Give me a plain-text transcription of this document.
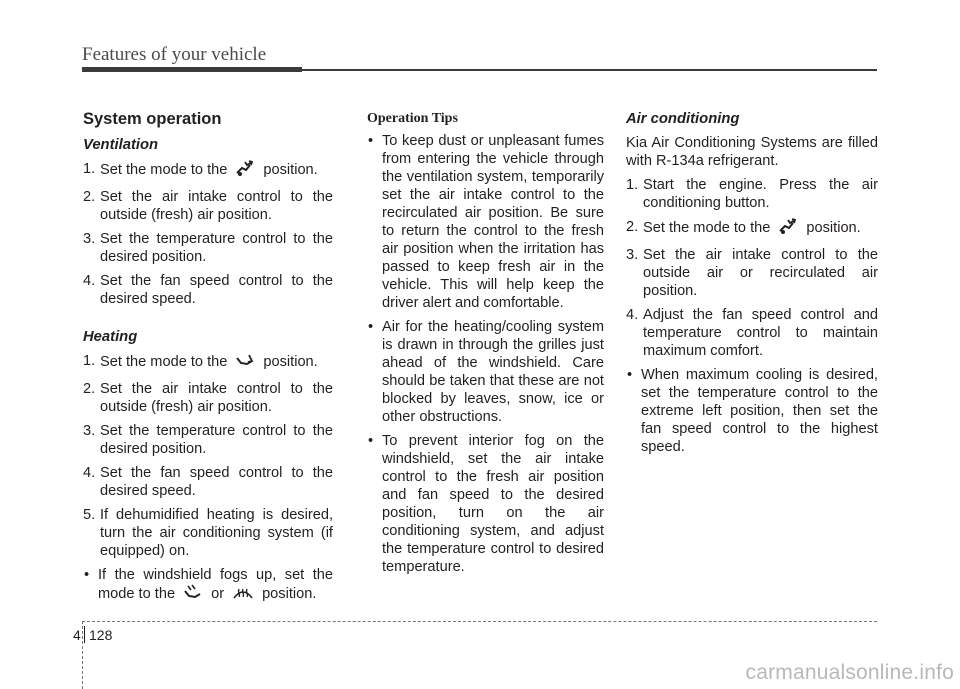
Features of your vehicle
System operation
Ventilation
1. Set the mode to the position.
2. Set the air intake control to the outside (fresh) air position.
3. Set the temperature control to the desired position.
4. Set the fan speed control to the desired speed.
Heating
1. Set the mode to the position.
2. Set the air intake control to the outside (fresh) air position.
3. Set the temperature control to the desired position.
4. Set the fan speed control to the desired speed.
5. If dehumidified heating is desired, turn the air conditioning system (if equipped) on.
• If the windshield fogs up, set the mode to the or	position.
Operation Tips
• To keep dust or unpleasant fumes from entering the vehicle through the ventilation system, temporarily set the air intake control to the recirculated air position. Be sure to return the control to the fresh air position when the irritation has passed to keep fresh air in the vehicle. This will help keep the driver alert and comfortable.
• Air for the heating/cooling system is drawn in through the grilles just ahead of the windshield. Care should be taken that these are not blocked by leaves, snow, ice or other obstructions.
• To prevent interior fog on the windshield, set the air intake control to the fresh air position and fan speed to the desired position, turn on the air conditioning system, and adjust the temperature control to desired temperature.
Air conditioning
Kia Air Conditioning Systems are filled with R-134a refrigerant.
1. Start the engine. Press the air conditioning button.
2. Set the mode to the position.
3. Set the air intake control to the outside air or recirculated air position.
4. Adjust the fan speed control and temperature control to maintain maximum comfort.
• When maximum cooling is desired, set the temperature control to the extreme left position, then set the fan speed control to the highest speed.
4 128
carmanualsonline.info
